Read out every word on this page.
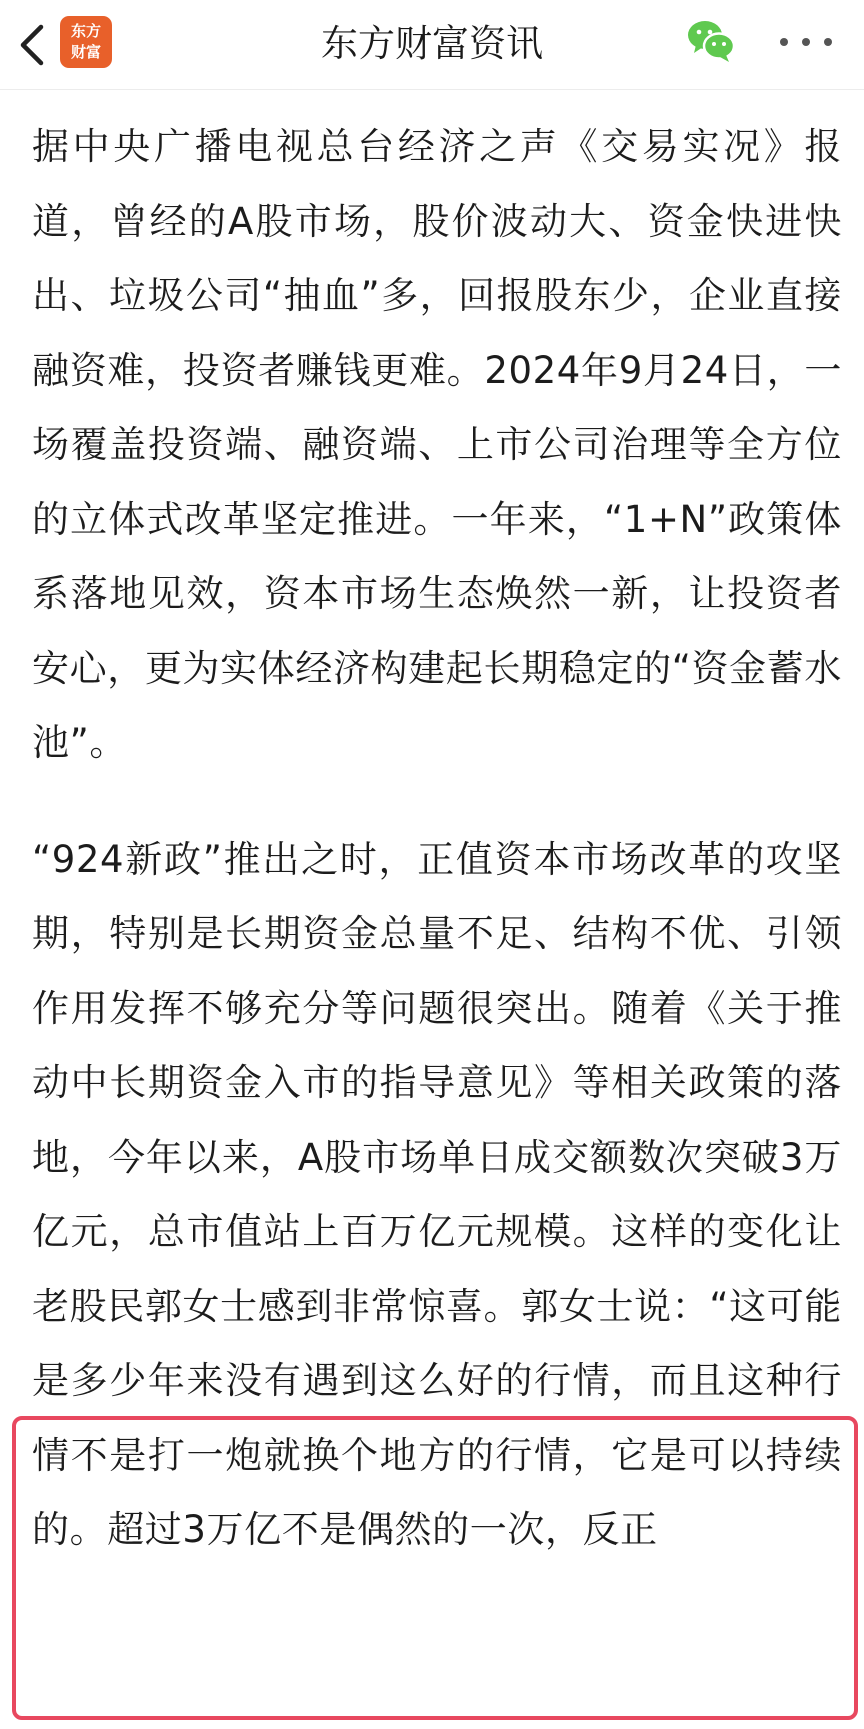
东方
财富	东方财富资讯

据中央广播电视总台经济之声《交易实况》报道，曾经的A股市场，股价波动大、资金快进快出、垃圾公司“抽血”多，回报股东少，企业直接融资难，投资者赚钱更难。2024年9月24日，一场覆盖投资端、融资端、上市公司治理等全方位的立体式改革坚定推进。一年来，“1+N”政策体系落地见效，资本市场生态焕然一新，让投资者安心，更为实体经济构建起长期稳定的“资金蓄水池”。

“924新政”推出之时，正值资本市场改革的攻坚期，特别是长期资金总量不足、结构不优、引领作用发挥不够充分等问题很突出。随着《关于推动中长期资金入市的指导意见》等相关政策的落地，今年以来，A股市场单日成交额数次突破3万亿元，总市值站上百万亿元规模。这样的变化让老股民郭女士感到非常惊喜。郭女士说：“这可能是多少年来没有遇到这么好的行情，而且这种行情不是打一炮就换个地方的行情，它是可以持续的。超过3万亿不是偶然的一次，反正
